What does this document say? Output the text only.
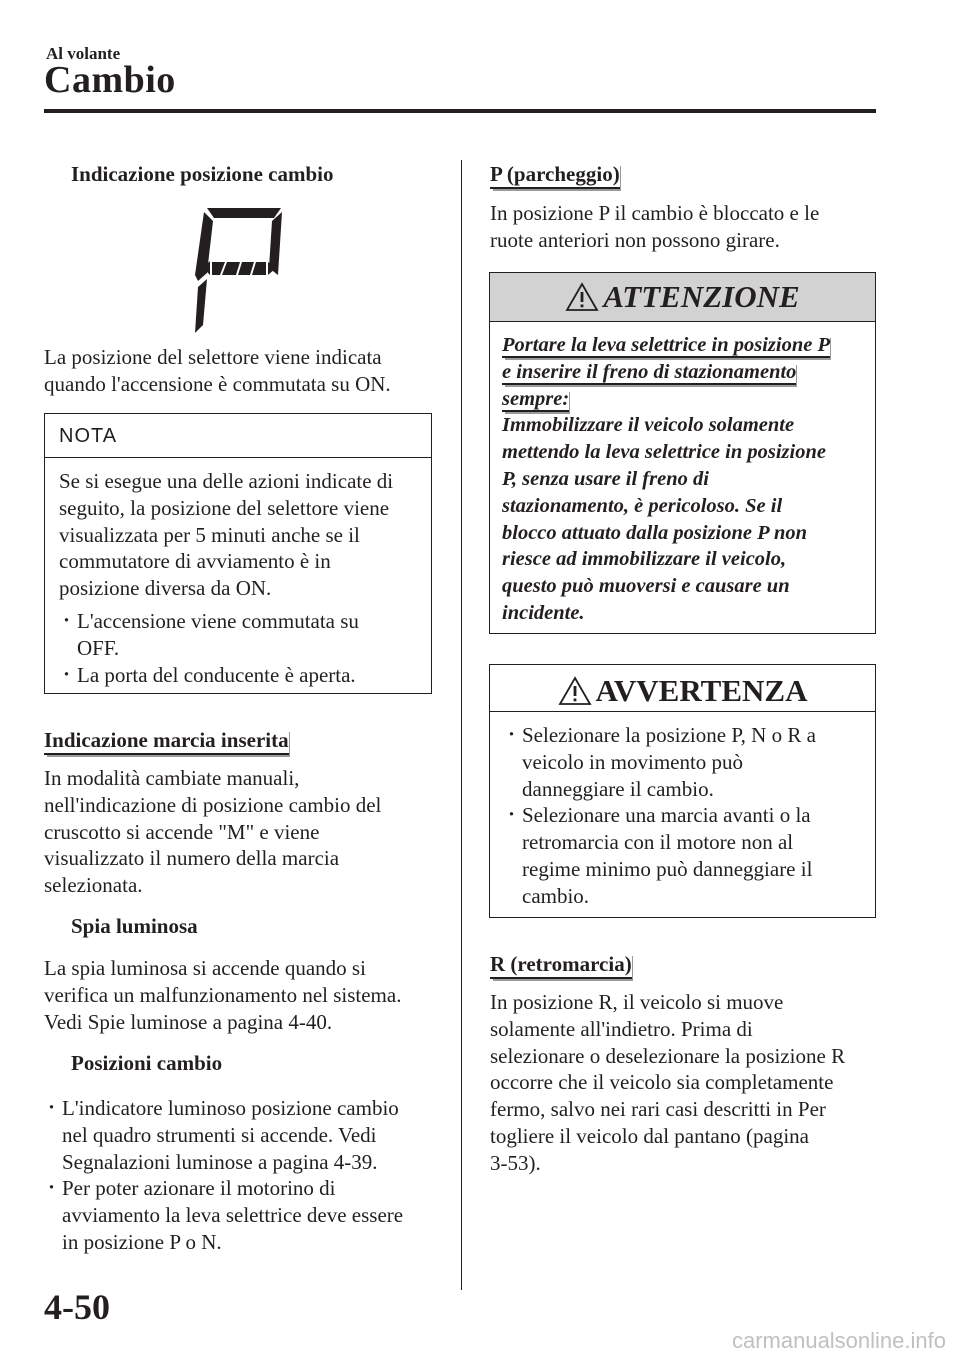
Al volante
Cambio
Indicazione posizione cambio

La posizione del selettore viene indicata

quando l'accensione è commutata su ON.

NOTA

Se si esegue una delle azioni indicate di

seguito, la posizione del selettore viene

visualizzata per 5 minuti anche se il

commutatore di avviamento è in

posizione diversa da ON.

· L'accensione viene commutata su
OFF.
· La porta del conducente è aperta.
Indicazione marcia inserita

In modalità cambiate manuali,

nell'indicazione di posizione cambio del

cruscotto si accende "M" e viene

visualizzato il numero della marcia

selezionata.

Spia luminosa

La spia luminosa si accende quando si

verifica un malfunzionamento nel sistema.

Vedi Spie luminose a pagina 4-40.

Posizioni cambio
· L'indicatore luminoso posizione cambio
nel quadro strumenti si accende. Vedi
Segnalazioni luminose a pagina 4-39.
· Per poter azionare il motorino di
avviamento la leva selettrice deve essere
in posizione P o N.
P (parcheggio)

In posizione P il cambio è bloccato e le

ruote anteriori non possono girare.

ATTENZIONE
Portare la leva selettrice in posizione P
e inserire il freno di stazionamento
sempre:
Immobilizzare il veicolo solamente
mettendo la leva selettrice in posizione
P, senza usare il freno di
stazionamento, è pericoloso. Se il
blocco attuato dalla posizione P non
riesce ad immobilizzare il veicolo,
questo può muoversi e causare un
incidente.
AVVERTENZA
· Selezionare la posizione P, N o R a
veicolo in movimento può
danneggiare il cambio.
· Selezionare una marcia avanti o la
retromarcia con il motore non al
regime minimo può danneggiare il
cambio.
R (retromarcia)

In posizione R, il veicolo si muove

solamente all'indietro. Prima di

selezionare o deselezionare la posizione R

occorre che il veicolo sia completamente

fermo, salvo nei rari casi descritti in Per

togliere il veicolo dal pantano (pagina

3-53).

4-50
carmanualsonline.info
